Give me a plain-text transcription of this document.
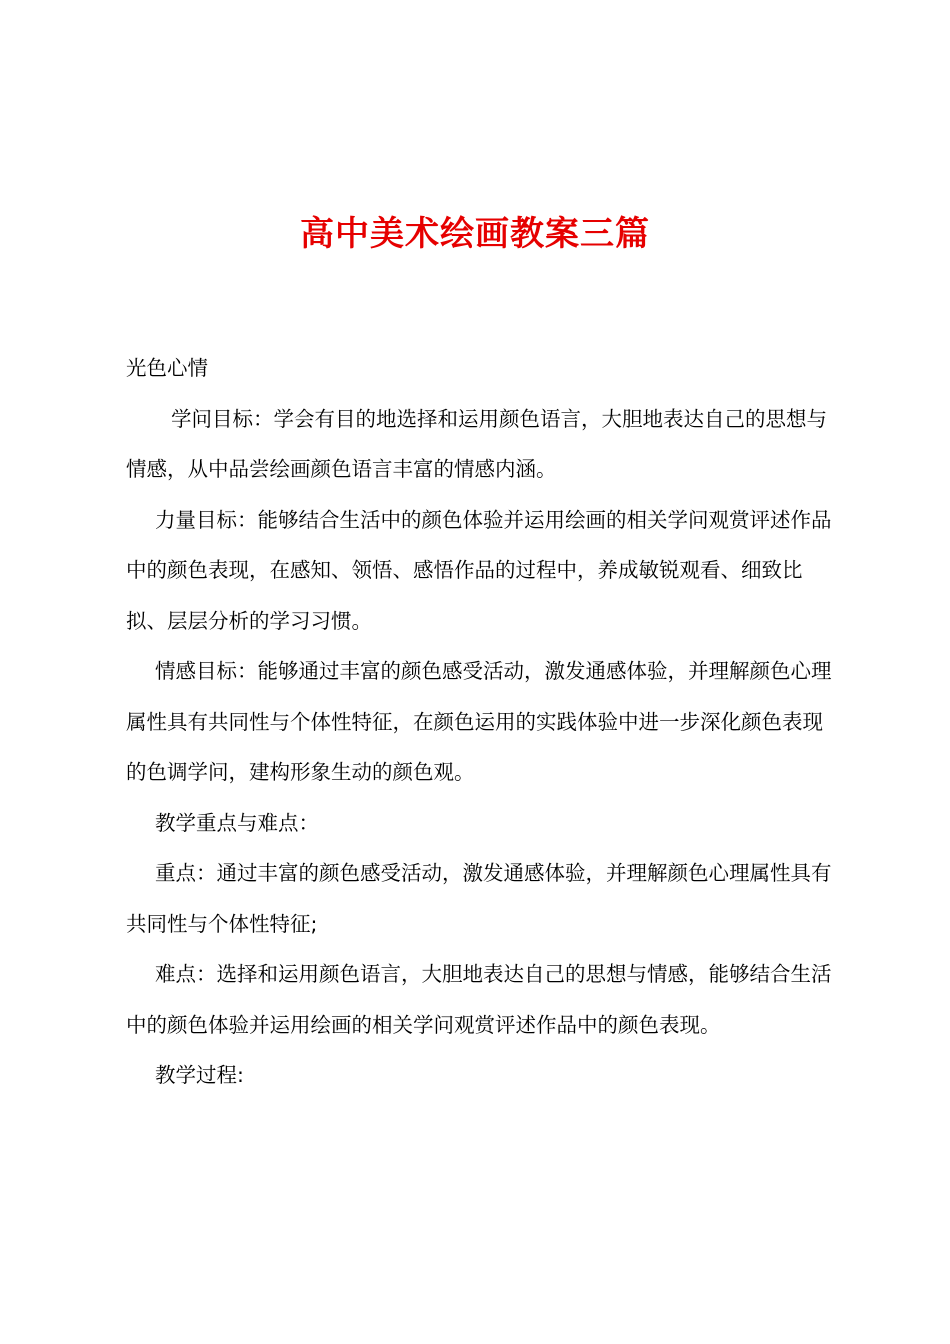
高中美术绘画教案三篇

光色心情

学问目标：学会有目的地选择和运用颜色语言，大胆地表达自己的思想与情感，从中品尝绘画颜色语言丰富的情感内涵。

力量目标：能够结合生活中的颜色体验并运用绘画的相关学问观赏评述作品中的颜色表现，在感知、领悟、感悟作品的过程中，养成敏锐观看、细致比拟、层层分析的学习习惯。

情感目标：能够通过丰富的颜色感受活动，激发通感体验，并理解颜色心理属性具有共同性与个体性特征，在颜色运用的实践体验中进一步深化颜色表现的色调学问，建构形象生动的颜色观。

教学重点与难点：

重点：通过丰富的颜色感受活动，激发通感体验，并理解颜色心理属性具有共同性与个体性特征;

难点：选择和运用颜色语言，大胆地表达自己的思想与情感，能够结合生活中的颜色体验并运用绘画的相关学问观赏评述作品中的颜色表现。

教学过程:
